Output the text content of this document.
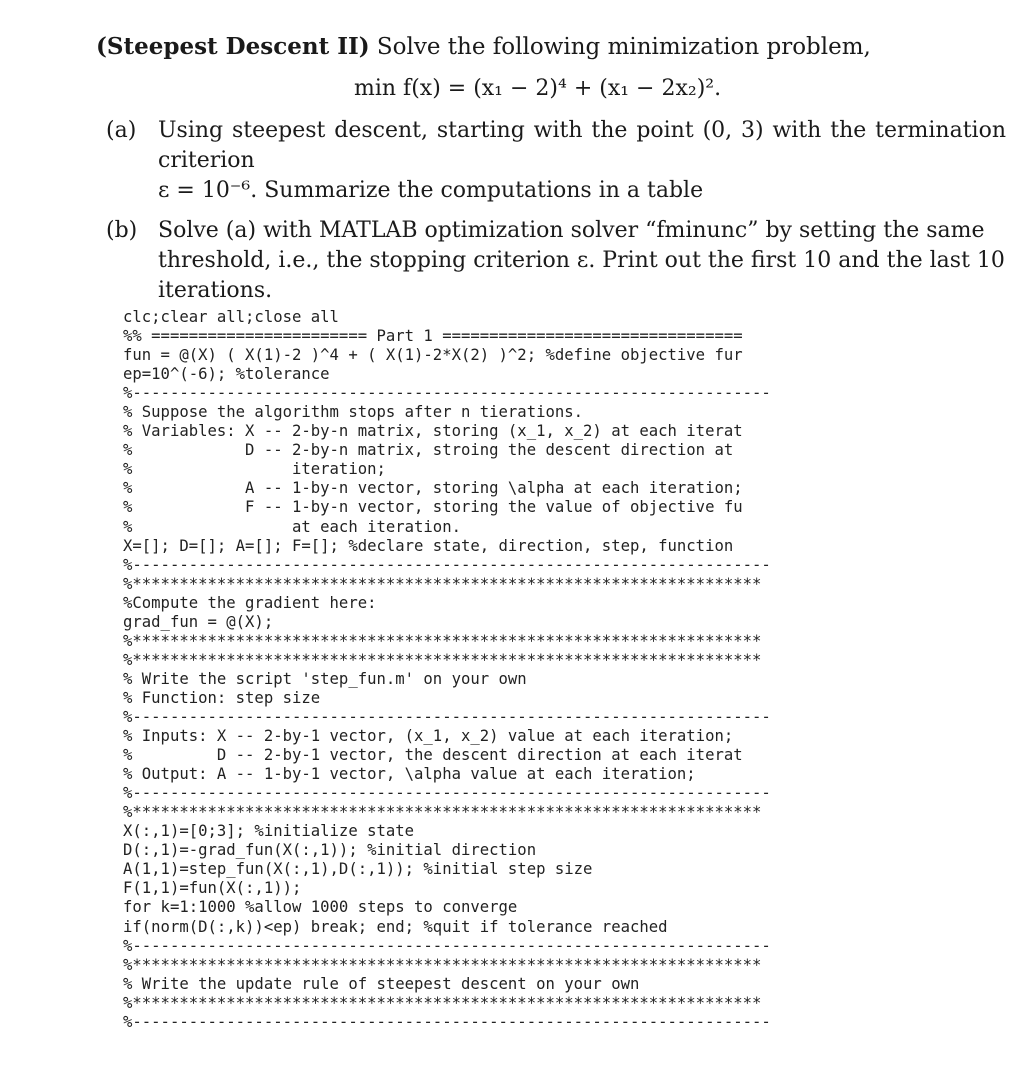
(Steepest Descent II) Solve the following minimization problem,

min f(x) = (x₁ − 2)⁴ + (x₁ − 2x₂)².
(a) Using steepest descent, starting with the point (0, 3) with the termination criterion

ε = 10⁻⁶. Summarize the computations in a table

(b) Solve (a) with MATLAB optimization solver “fminunc” by setting the same

threshold, i.e., the stopping criterion ε. Print out the first 10 and the last 10

iterations.

clc;clear all;close all
%% ======================= Part 1 ================================
fun = @(X) ( X(1)-2 )^4 + ( X(1)-2*X(2) )^2; %define objective fur
ep=10^(-6); %tolerance
%--------------------------------------------------------------------
% Suppose the algorithm stops after n tierations.
% Variables: X -- 2-by-n matrix, storing (x_1, x_2) at each iterat
%            D -- 2-by-n matrix, stroing the descent direction at
%                 iteration;
%            A -- 1-by-n vector, storing \alpha at each iteration;
%            F -- 1-by-n vector, storing the value of objective fu
%                 at each iteration.
X=[]; D=[]; A=[]; F=[]; %declare state, direction, step, function
%--------------------------------------------------------------------
%*******************************************************************
%Compute the gradient here:
grad_fun = @(X);
%*******************************************************************
%*******************************************************************
% Write the script 'step_fun.m' on your own
% Function: step size
%--------------------------------------------------------------------
% Inputs: X -- 2-by-1 vector, (x_1, x_2) value at each iteration;
%         D -- 2-by-1 vector, the descent direction at each iterat
% Output: A -- 1-by-1 vector, \alpha value at each iteration;
%--------------------------------------------------------------------
%*******************************************************************
X(:,1)=[0;3]; %initialize state
D(:,1)=-grad_fun(X(:,1)); %initial direction
A(1,1)=step_fun(X(:,1),D(:,1)); %initial step size
F(1,1)=fun(X(:,1));
for k=1:1000 %allow 1000 steps to converge
if(norm(D(:,k))<ep) break; end; %quit if tolerance reached
%--------------------------------------------------------------------
%*******************************************************************
% Write the update rule of steepest descent on your own
%*******************************************************************
%--------------------------------------------------------------------
